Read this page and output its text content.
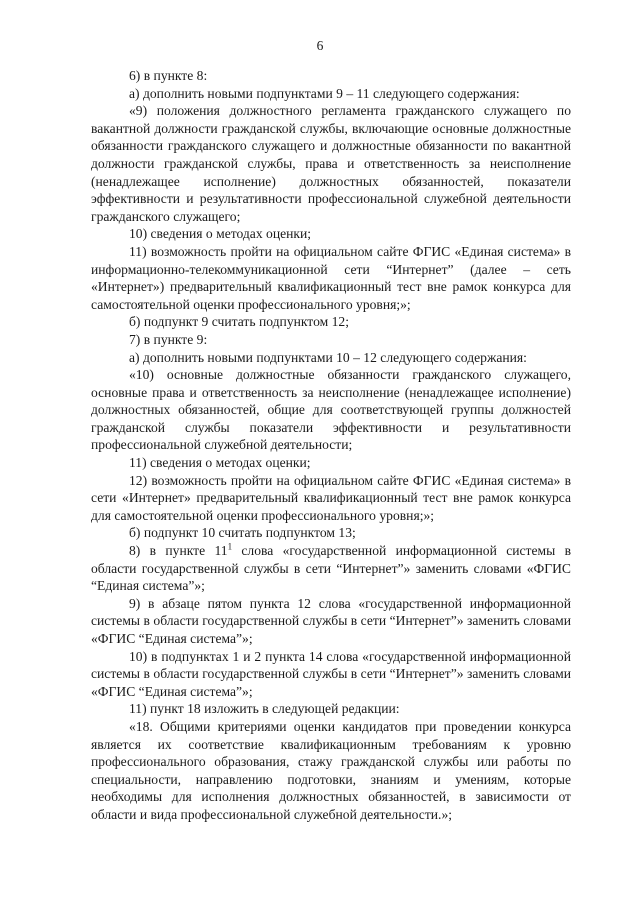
6

6) в пункте 8:

а) дополнить новыми подпунктами 9 – 11 следующего содержания:

«9) положения должностного регламента гражданского служащего по вакантной должности гражданской службы, включающие основные должностные обязанности гражданского служащего и должностные обязанности по вакантной должности гражданской службы, права и ответственность за неисполнение (ненадлежащее исполнение) должностных обязанностей, показатели эффективности и результативности профессиональной служебной деятельности гражданского служащего;

10) сведения о методах оценки;

11) возможность пройти на официальном сайте ФГИС «Единая система» в информационно-телекоммуникационной сети “Интернет” (далее – сеть «Интернет») предварительный квалификационный тест вне рамок конкурса для самостоятельной оценки профессионального уровня;»;

б) подпункт 9 считать подпунктом 12;

7) в пункте 9:

а) дополнить новыми подпунктами 10 – 12 следующего содержания:

«10) основные должностные обязанности гражданского служащего, основные права и ответственность за неисполнение (ненадлежащее исполнение) должностных обязанностей, общие для соответствующей группы должностей гражданской службы показатели эффективности и результативности профессиональной служебной деятельности;

11) сведения о методах оценки;

12) возможность пройти на официальном сайте ФГИС «Единая система» в сети «Интернет» предварительный квалификационный тест вне рамок конкурса для самостоятельной оценки профессионального уровня;»;

б) подпункт 10 считать подпунктом 13;

8) в пункте $11^1$ слова «государственной информационной системы в области государственной службы в сети “Интернет”» заменить словами «ФГИС “Единая система”»;

9) в абзаце пятом пункта 12 слова «государственной информационной системы в области государственной службы в сети “Интернет”» заменить словами «ФГИС “Единая система”»;

10) в подпунктах 1 и 2 пункта 14 слова «государственной информационной системы в области государственной службы в сети “Интернет”» заменить словами «ФГИС “Единая система”»;

11) пункт 18 изложить в следующей редакции:

«18. Общими критериями оценки кандидатов при проведении конкурса является их соответствие квалификационным требованиям к уровню профессионального образования, стажу гражданской службы или работы по специальности, направлению подготовки, знаниям и умениям, которые необходимы для исполнения должностных обязанностей, в зависимости от области и вида профессиональной служебной деятельности.»;
